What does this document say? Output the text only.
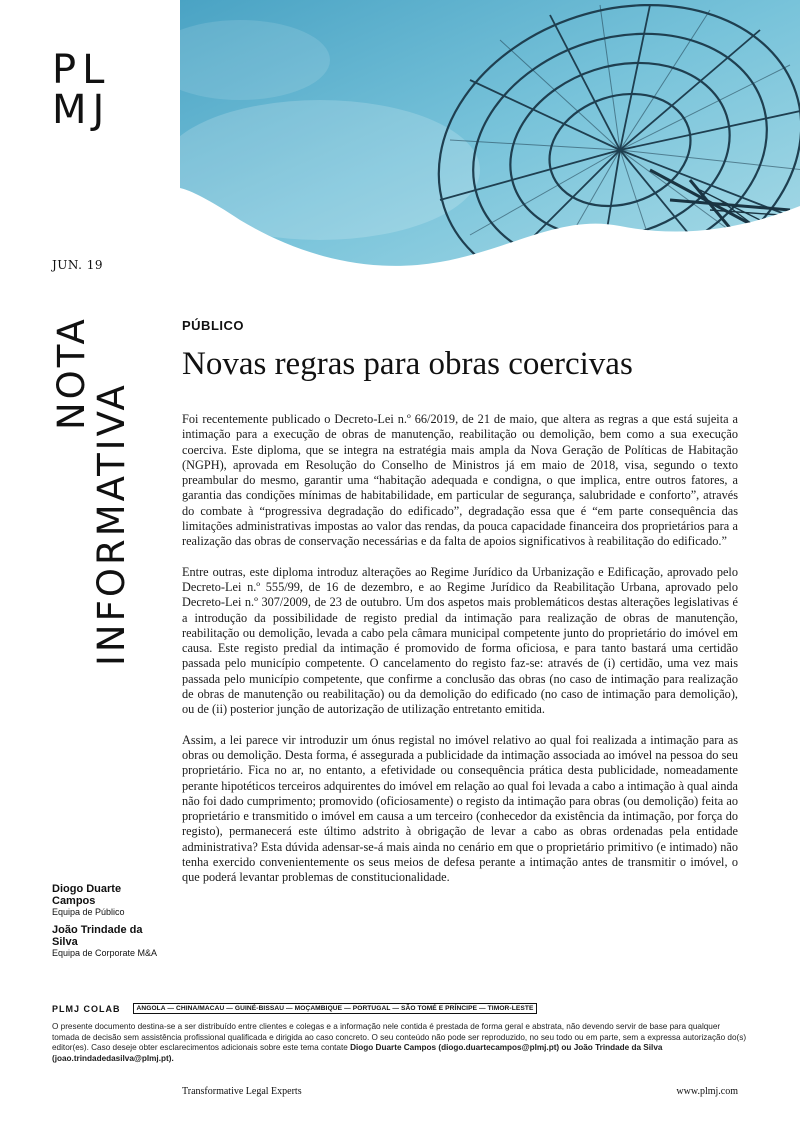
PL
MJ
JUN. 19
NOTA
INFORMATIVA
PÚBLICO
Novas regras para obras coercivas

Foi recentemente publicado o Decreto-Lei n.º 66/2019, de 21 de maio, que altera as regras a que está sujeita a intimação para a execução de obras de manutenção, reabilitação ou demolição, bem como a sua execução coerciva. Este diploma, que se integra na estratégia mais ampla da Nova Geração de Políticas de Habitação (NGPH), aprovada em Resolução do Conselho de Ministros já em maio de 2018, visa, segundo o texto preambular do mesmo, garantir uma “habitação adequada e condigna, o que implica, entre outros fatores, a garantia das condições mínimas de habitabilidade, em particular de segurança, salubridade e conforto”, através do combate à “progressiva degradação do edificado”, degradação essa que é “em parte consequência das limitações administrativas impostas ao valor das rendas, da pouca capacidade financeira dos proprietários para a realização das obras de conservação necessárias e da falta de apoios significativos à reabilitação do edificado.”

Entre outras, este diploma introduz alterações ao Regime Jurídico da Urbanização e Edificação, aprovado pelo Decreto-Lei n.º 555/99, de 16 de dezembro, e ao Regime Jurídico da Reabilitação Urbana, aprovado pelo Decreto-Lei n.º 307/2009, de 23 de outubro. Um dos aspetos mais problemáticos destas alterações legislativas é a introdução da possibilidade de registo predial da intimação para realização de obras de manutenção, reabilitação ou demolição, levada a cabo pela câmara municipal competente junto do proprietário do imóvel em causa. Este registo predial da intimação é promovido de forma oficiosa, e para tanto bastará uma certidão passada pelo município competente. O cancelamento do registo faz-se: através de (i) certidão, uma vez mais passada pelo município competente, que confirme a conclusão das obras (no caso de intimação para realização de obras de manutenção ou reabilitação) ou da demolição do edificado (no caso de intimação para demolição), ou de (ii) posterior junção de autorização de utilização entretanto emitida.

Assim, a lei parece vir introduzir um ónus registal no imóvel relativo ao qual foi realizada a intimação para as obras ou demolição. Desta forma, é assegurada a publicidade da intimação associada ao imóvel na pessoa do seu proprietário. Fica no ar, no entanto, a efetividade ou consequência prática desta publicidade, nomeadamente perante hipotéticos terceiros adquirentes do imóvel em relação ao qual foi levada a cabo a intimação à qual ainda não foi dado cumprimento; promovido (oficiosamente) o registo da intimação para obras (ou demolição) feita ao proprietário e transmitido o imóvel em causa a um terceiro (conhecedor da existência da intimação, por força do registo), permanecerá este último adstrito à obrigação de levar a cabo as obras ordenadas pela entidade administrativa? Esta dúvida adensar-se-á mais ainda no cenário em que o proprietário primitivo (e intimado) não tenha exercido convenientemente os seus meios de defesa perante a intimação antes de transmitir o imóvel, o que poderá levantar problemas de constitucionalidade.

Diogo Duarte Campos
Equipa de Público
João Trindade da Silva
Equipa de Corporate M&A
PLMJ COLAB	ANGOLA — CHINA/MACAU — GUINÉ-BISSAU — MOÇAMBIQUE — PORTUGAL — SÃO TOMÉ E PRÍNCIPE — TIMOR-LESTE
O presente documento destina-se a ser distribuído entre clientes e colegas e a informação nele contida é prestada de forma geral e abstrata, não devendo servir de base para qualquer tomada de decisão sem assistência profissional qualificada e dirigida ao caso concreto. O seu conteúdo não pode ser reproduzido, no seu todo ou em parte, sem a expressa autorização do(s) editor(es). Caso deseje obter esclarecimentos adicionais sobre este tema contate Diogo Duarte Campos (diogo.duartecampos@plmj.pt) ou João Trindade da Silva (joao.trindadedasilva@plmj.pt).
Transformative Legal Experts	www.plmj.com
